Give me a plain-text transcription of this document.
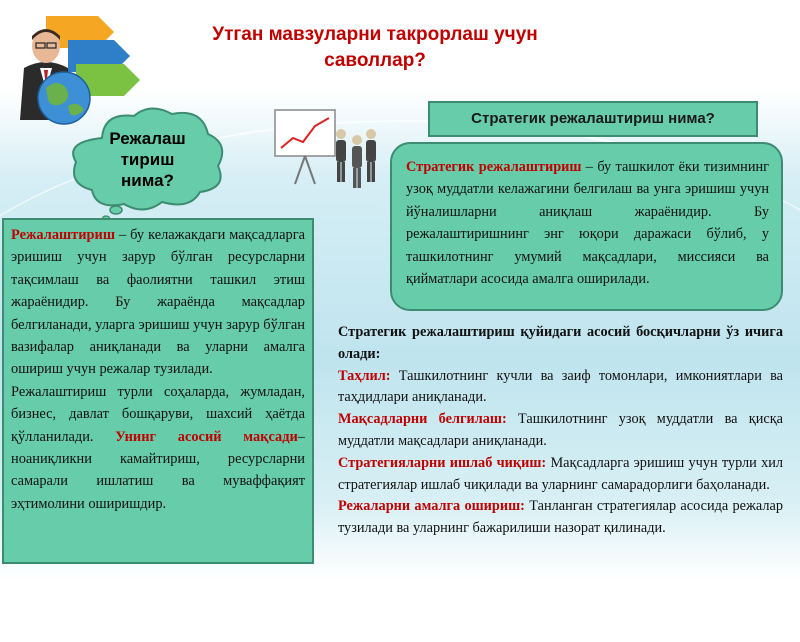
Утган мавзуларни такрорлаш учун
саволлар?
Режалаш
тириш
нима?

Режалаштириш – бу келажакдаги мақсадларга эришиш учун зарур бўлган ресурсларни тақсимлаш ва фаолиятни ташкил этиш жараёнидир. Бу жараёнда мақсадлар белгиланади, уларга эришиш учун зарур бўлган вазифалар аниқланади ва уларни амалга ошириш учун режалар тузилади.

Режалаштириш турли соҳаларда, жумладан, бизнес, давлат бошқаруви, шахсий ҳаётда қўлланилади. Унинг асосий мақсади–ноаниқликни камайтириш, ресурсларни самарали ишлатиш ва муваффақият эҳтимолини оширишдир.

Стратегик режалаштириш нима?

Стратегик режалаштириш – бу ташкилот ёки тизимнинг узоқ муддатли келажагини белгилаш ва унга эришиш учун йўналишларни аниқлаш жараёнидир. Бу режалаштиришнинг энг юқори даражаси бўлиб, у ташкилотнинг умумий мақсадлари, миссияси ва қийматлари асосида амалга оширилади.

Стратегик режалаштириш қуйидаги асосий босқичларни ўз ичига олади:

Таҳлил: Ташкилотнинг кучли ва заиф томонлари, имкониятлари ва таҳдидлари аниқланади.

Мақсадларни белгилаш: Ташкилотнинг узоқ муддатли ва қисқа муддатли мақсадлари аниқланади.

Стратегияларни ишлаб чиқиш: Мақсадларга эришиш учун турли хил стратегиялар ишлаб чиқилади ва уларнинг самарадорлиги баҳоланади.

Режаларни амалга ошириш: Танланган стратегиялар асосида режалар тузилади ва уларнинг бажарилиши назорат қилинади.
